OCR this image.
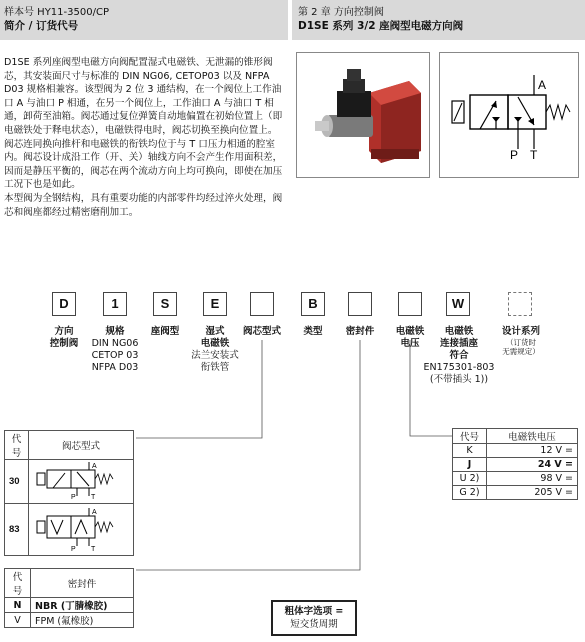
样本号 HY11-3500/CP
简介 / 订货代号
第 2 章 方向控制阀
D1SE 系列 3/2 座阀型电磁方向阀

D1SE 系列座阀型电磁方向阀配置湿式电磁铁、无泄漏的锥形阀芯，其安装面尺寸与标准的 DIN NG06, CETOP03 以及 NFPA D03 规格相兼容。该型阀为 2 位 3 通结构，在一个阀位上工作油口 A 与油口 P 相通，在另一个阀位上，工作油口 A 与油口 T 相通，卸荷至油箱。阀芯通过复位弹簧自动地偏置在初始位置上（即电磁铁处于释电状态），电磁铁得电时，阀芯切换至换向位置上。

阀芯连同换向推杆和电磁铁的衔铁均位于与 T 口压力相通的腔室内。阀芯设计成沿工作（开、关）轴线方向不会产生作用面积差，因而是静压平衡的，阀芯在两个流动方向上均可换向，即使在加压工况下也是如此。

本型阀为全钢结构，具有重要功能的内部零件均经过淬火处理，阀芯和阀座都经过精密磨削加工。

A
P T
D	1	S	E	B	W
方向
控制阀
规格
DIN NG06
CETOP 03
NFPA D03
座阀型	湿式
电磁铁
法兰安装式
衔铁管
阀芯型式	类型	密封件	电磁铁
电压
电磁铁
连接插座
符合
EN175301-803
(不带插头 1))
设计系列
（订货时
无需规定）
代号	阀芯型式
30	A
P T

83	A
P T
代号	密封件
N	NBR (丁腈橡胶)
V	FPM (氟橡胶)
代号	电磁铁电压
K	12 V =
J	24 V =
U 2)	98 V =
G 2)	205 V =
粗体字选项 =
短交货周期
